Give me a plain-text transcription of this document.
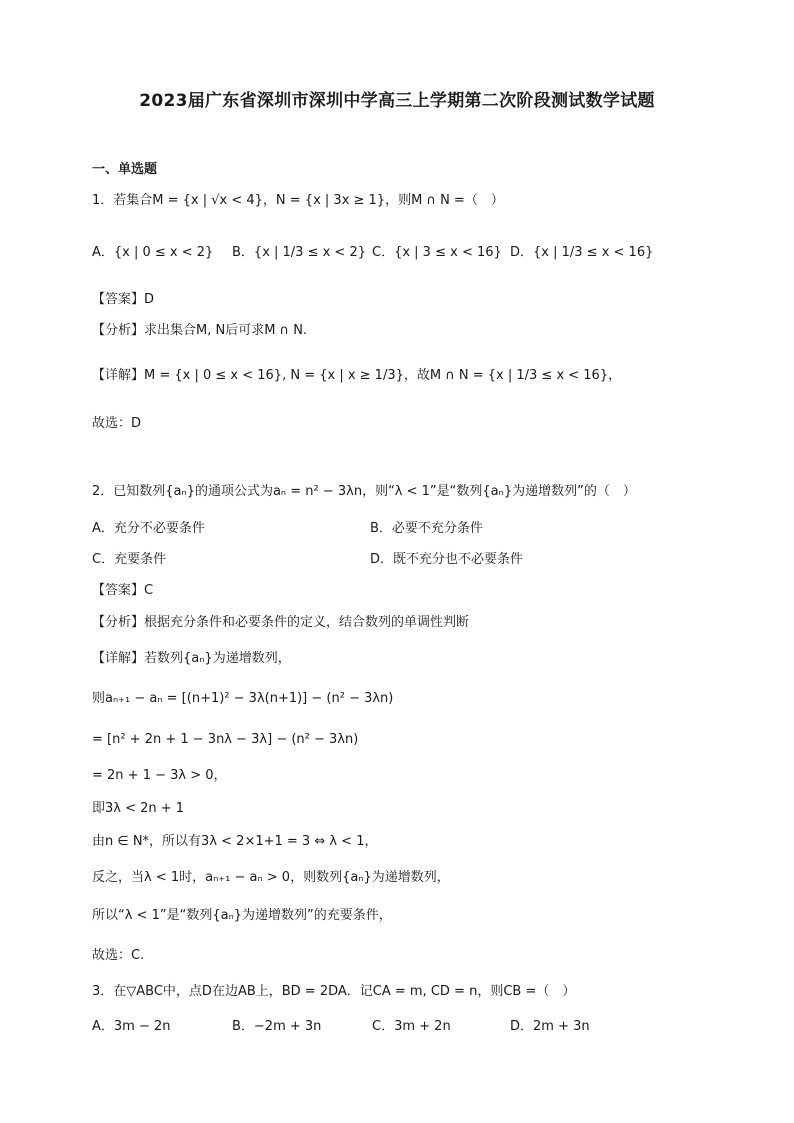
2023届广东省深圳市深圳中学高三上学期第二次阶段测试数学试题
一、单选题
1．若集合M = {x | √x < 4}，N = {x | 3x ≥ 1}，则M ∩ N =（　）
A．{x | 0 ≤ x < 2} B．{x | 1/3 ≤ x < 2} C．{x | 3 ≤ x < 16} D．{x | 1/3 ≤ x < 16}
【答案】D
【分析】求出集合M, N后可求M ∩ N.
【详解】M = {x | 0 ≤ x < 16}, N = {x | x ≥ 1/3}，故M ∩ N = {x | 1/3 ≤ x < 16}，
故选：D
2．已知数列{aₙ}的通项公式为aₙ = n² − 3λn，则“λ < 1”是“数列{aₙ}为递增数列”的（　）
A．充分不必要条件	B．必要不充分条件
C．充要条件	D．既不充分也不必要条件
【答案】C
【分析】根据充分条件和必要条件的定义，结合数列的单调性判断
【详解】若数列{aₙ}为递增数列，
则aₙ₊₁ − aₙ = [(n+1)² − 3λ(n+1)] − (n² − 3λn)
= [n² + 2n + 1 − 3nλ − 3λ] − (n² − 3λn)
= 2n + 1 − 3λ > 0，
即3λ < 2n + 1
由n ∈ N*，所以有3λ < 2×1+1 = 3 ⇔ λ < 1，
反之，当λ < 1时，aₙ₊₁ − aₙ > 0，则数列{aₙ}为递增数列，
所以“λ < 1”是“数列{aₙ}为递增数列”的充要条件，
故选：C.
3．在▽ABC中，点D在边AB上，BD = 2DA．记CA = m, CD = n，则CB =（　）
A．3m − 2n	B．−2m + 3n	C．3m + 2n	D．2m + 3n
